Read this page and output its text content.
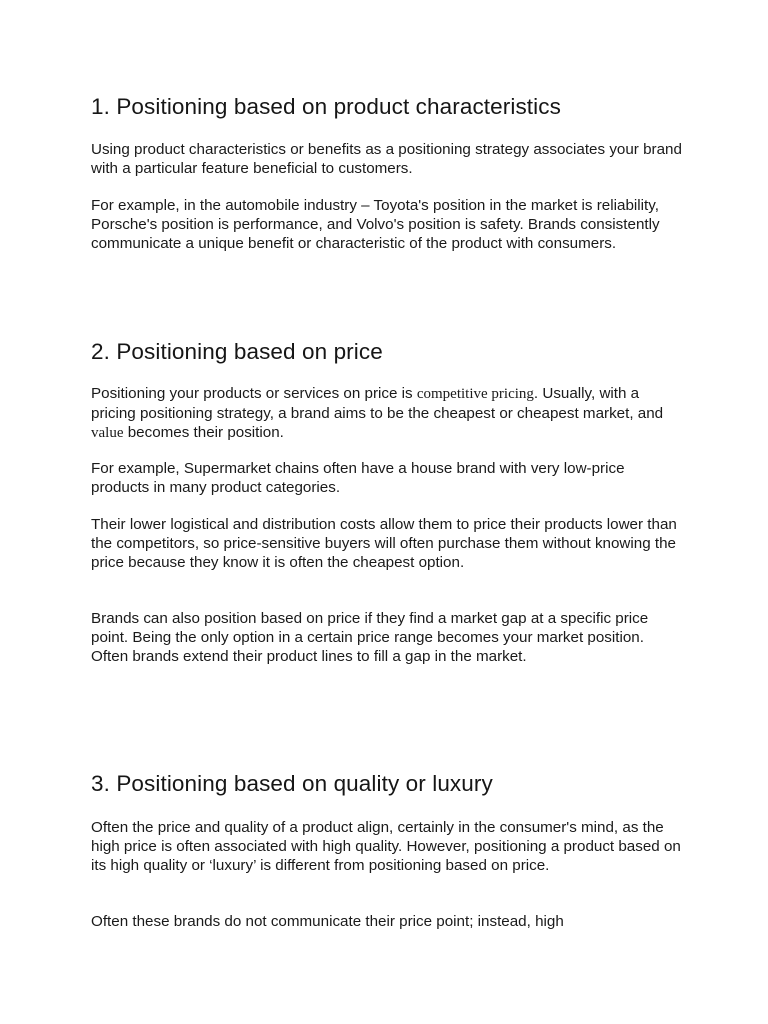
1. Positioning based on product characteristics

Using product characteristics or benefits as a positioning strategy associates your brand with a particular feature beneficial to customers.

For example, in the automobile industry – Toyota's position in the market is reliability, Porsche's position is performance, and Volvo's position is safety. Brands consistently communicate a unique benefit or characteristic of the product with consumers.

2. Positioning based on price

Positioning your products or services on price is competitive pricing. Usually, with a pricing positioning strategy, a brand aims to be the cheapest or cheapest market, and value becomes their position.

For example, Supermarket chains often have a house brand with very low-price products in many product categories.

Their lower logistical and distribution costs allow them to price their products lower than the competitors, so price-sensitive buyers will often purchase them without knowing the price because they know it is often the cheapest option.

Brands can also position based on price if they find a market gap at a specific price point. Being the only option in a certain price range becomes your market position. Often brands extend their product lines to fill a gap in the market.

3. Positioning based on quality or luxury

Often the price and quality of a product align, certainly in the consumer's mind, as the high price is often associated with high quality. However, positioning a product based on its high quality or ‘luxury’ is different from positioning based on price.

Often these brands do not communicate their price point; instead, high
